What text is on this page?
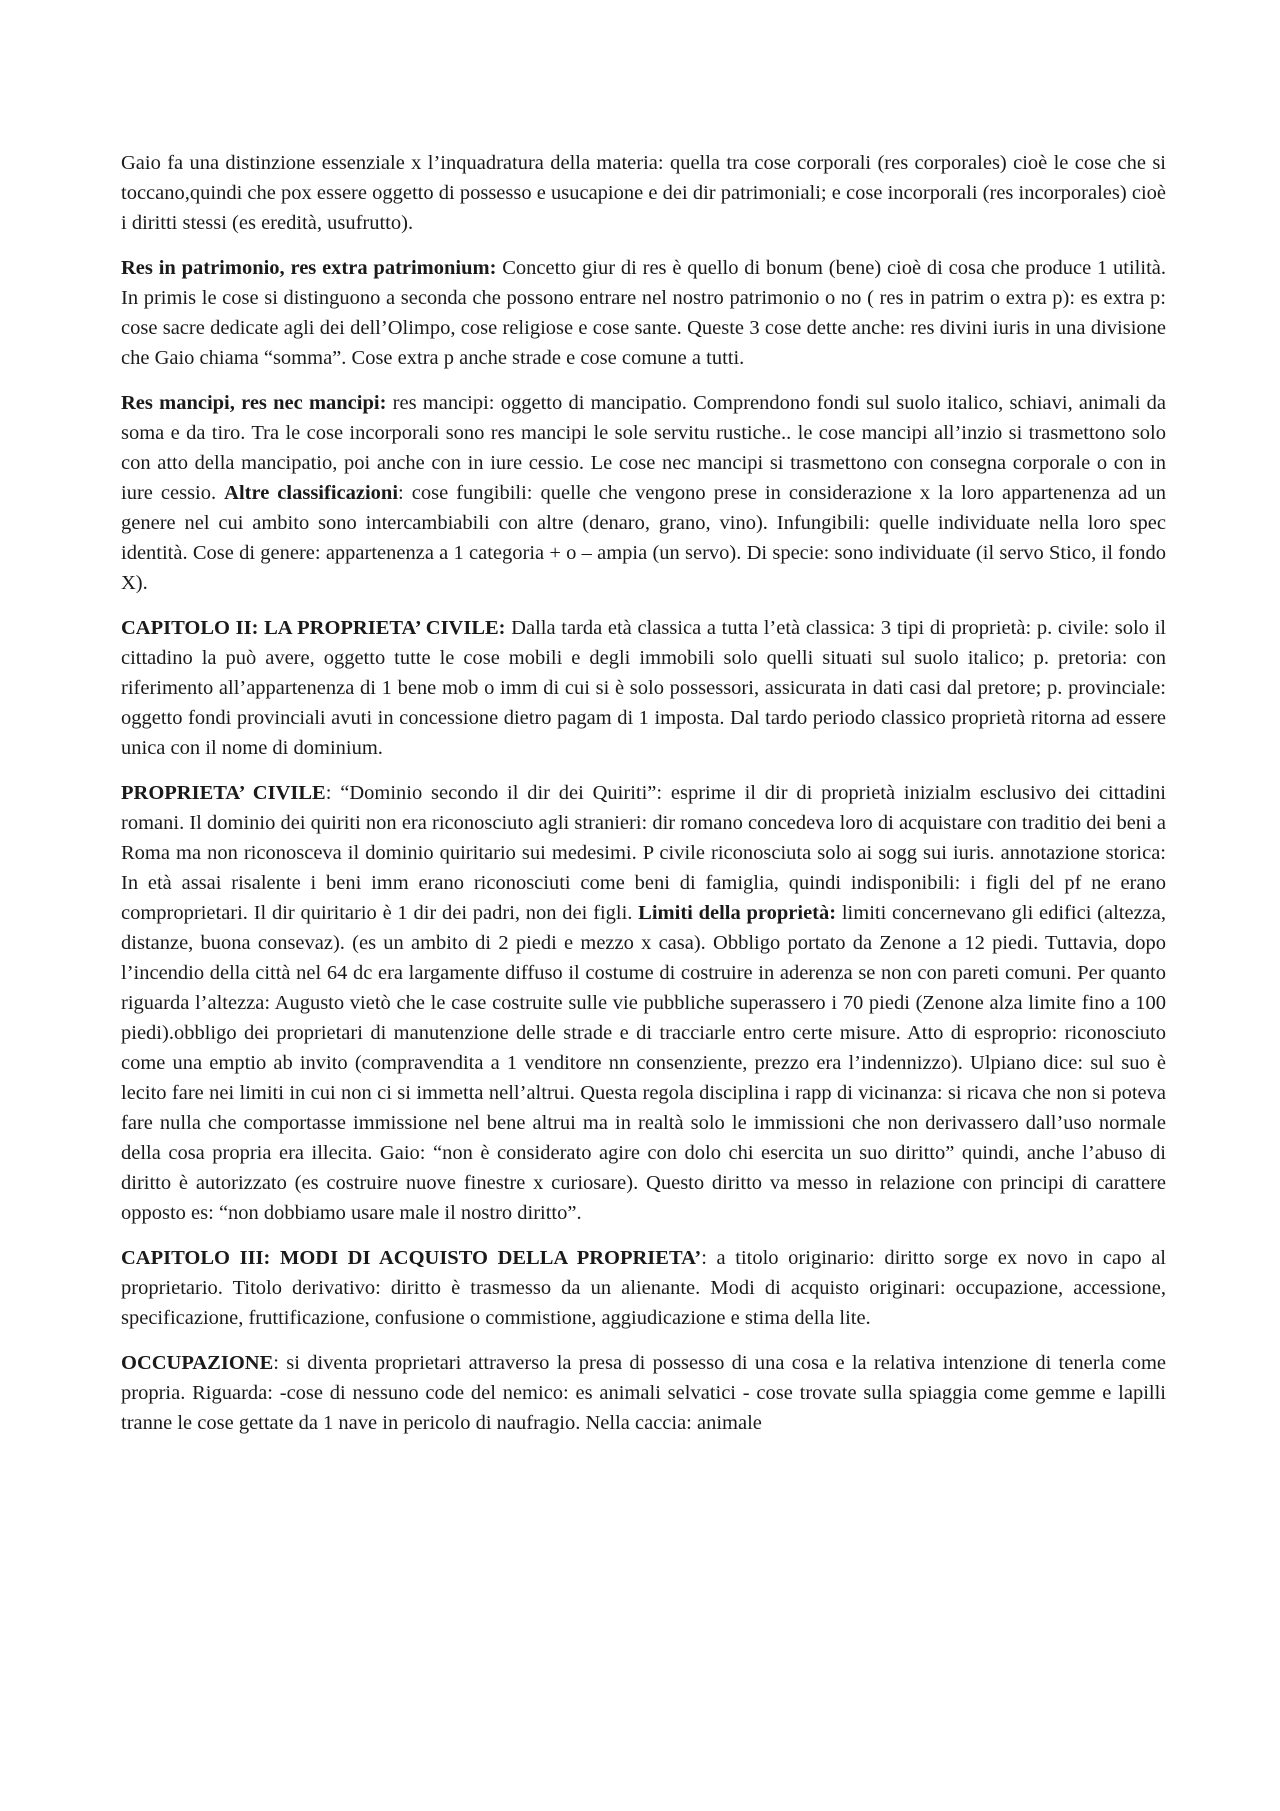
Gaio fa una distinzione essenziale x l’inquadratura della materia: quella tra cose corporali (res corporales) cioè le cose che si toccano,quindi che pox essere oggetto di possesso e usucapione e dei dir patrimoniali; e cose incorporali (res incorporales) cioè i diritti stessi (es eredità, usufrutto).

Res in patrimonio, res extra patrimonium: Concetto giur di res è quello di bonum (bene) cioè di cosa che produce 1 utilità. In primis le cose si distinguono a seconda che possono entrare nel nostro patrimonio o no ( res in patrim o extra p): es extra p: cose sacre dedicate agli dei dell’Olimpo, cose religiose e cose sante. Queste 3 cose dette anche: res divini iuris in una divisione che Gaio chiama “somma”. Cose extra p anche strade e cose comune a tutti.

Res mancipi, res nec mancipi: res mancipi: oggetto di mancipatio. Comprendono fondi sul suolo italico, schiavi, animali da soma e da tiro. Tra le cose incorporali sono res mancipi le sole servitu rustiche.. le cose mancipi all’inzio si trasmettono solo con atto della mancipatio, poi anche con in iure cessio. Le cose nec mancipi si trasmettono con consegna corporale o con in iure cessio. Altre classificazioni: cose fungibili: quelle che vengono prese in considerazione x la loro appartenenza ad un genere nel cui ambito sono intercambiabili con altre (denaro, grano, vino). Infungibili: quelle individuate nella loro spec identità. Cose di genere: appartenenza a 1 categoria + o – ampia (un servo). Di specie: sono individuate (il servo Stico, il fondo X).

CAPITOLO II: LA PROPRIETA’ CIVILE: Dalla tarda età classica a tutta l’età classica: 3 tipi di proprietà: p. civile: solo il cittadino la può avere, oggetto tutte le cose mobili e degli immobili solo quelli situati sul suolo italico; p. pretoria: con riferimento all’appartenenza di 1 bene mob o imm di cui si è solo possessori, assicurata in dati casi dal pretore; p. provinciale: oggetto fondi provinciali avuti in concessione dietro pagam di 1 imposta. Dal tardo periodo classico proprietà ritorna ad essere unica con il nome di dominium.

PROPRIETA’ CIVILE: “Dominio secondo il dir dei Quiriti”: esprime il dir di proprietà inizialm esclusivo dei cittadini romani. Il dominio dei quiriti non era riconosciuto agli stranieri: dir romano concedeva loro di acquistare con traditio dei beni a Roma ma non riconosceva il dominio quiritario sui medesimi. P civile riconosciuta solo ai sogg sui iuris. annotazione storica: In età assai risalente i beni imm erano riconosciuti come beni di famiglia, quindi indisponibili: i figli del pf ne erano comproprietari. Il dir quiritario è 1 dir dei padri, non dei figli. Limiti della proprietà: limiti concernevano gli edifici (altezza, distanze, buona consevaz). (es un ambito di 2 piedi e mezzo x casa). Obbligo portato da Zenone a 12 piedi. Tuttavia, dopo l’incendio della città nel 64 dc era largamente diffuso il costume di costruire in aderenza se non con pareti comuni. Per quanto riguarda l’altezza: Augusto vietò che le case costruite sulle vie pubbliche superassero i 70 piedi (Zenone alza limite fino a 100 piedi).obbligo dei proprietari di manutenzione delle strade e di tracciarle entro certe misure. Atto di esproprio: riconosciuto come una emptio ab invito (compravendita a 1 venditore nn consenziente, prezzo era l’indennizzo). Ulpiano dice: sul suo è lecito fare nei limiti in cui non ci si immetta nell’altrui. Questa regola disciplina i rapp di vicinanza: si ricava che non si poteva fare nulla che comportasse immissione nel bene altrui ma in realtà solo le immissioni che non derivassero dall’uso normale della cosa propria era illecita. Gaio: “non è considerato agire con dolo chi esercita un suo diritto” quindi, anche l’abuso di diritto è autorizzato (es costruire nuove finestre x curiosare). Questo diritto va messo in relazione con principi di carattere opposto es: “non dobbiamo usare male il nostro diritto”.

CAPITOLO III: MODI DI ACQUISTO DELLA PROPRIETA’: a titolo originario: diritto sorge ex novo in capo al proprietario. Titolo derivativo: diritto è trasmesso da un alienante. Modi di acquisto originari: occupazione, accessione, specificazione, fruttificazione, confusione o commistione, aggiudicazione e stima della lite.

OCCUPAZIONE: si diventa proprietari attraverso la presa di possesso di una cosa e la relativa intenzione di tenerla come propria. Riguarda: -cose di nessuno code del nemico: es animali selvatici - cose trovate sulla spiaggia come gemme e lapilli tranne le cose gettate da 1 nave in pericolo di naufragio. Nella caccia: animale
